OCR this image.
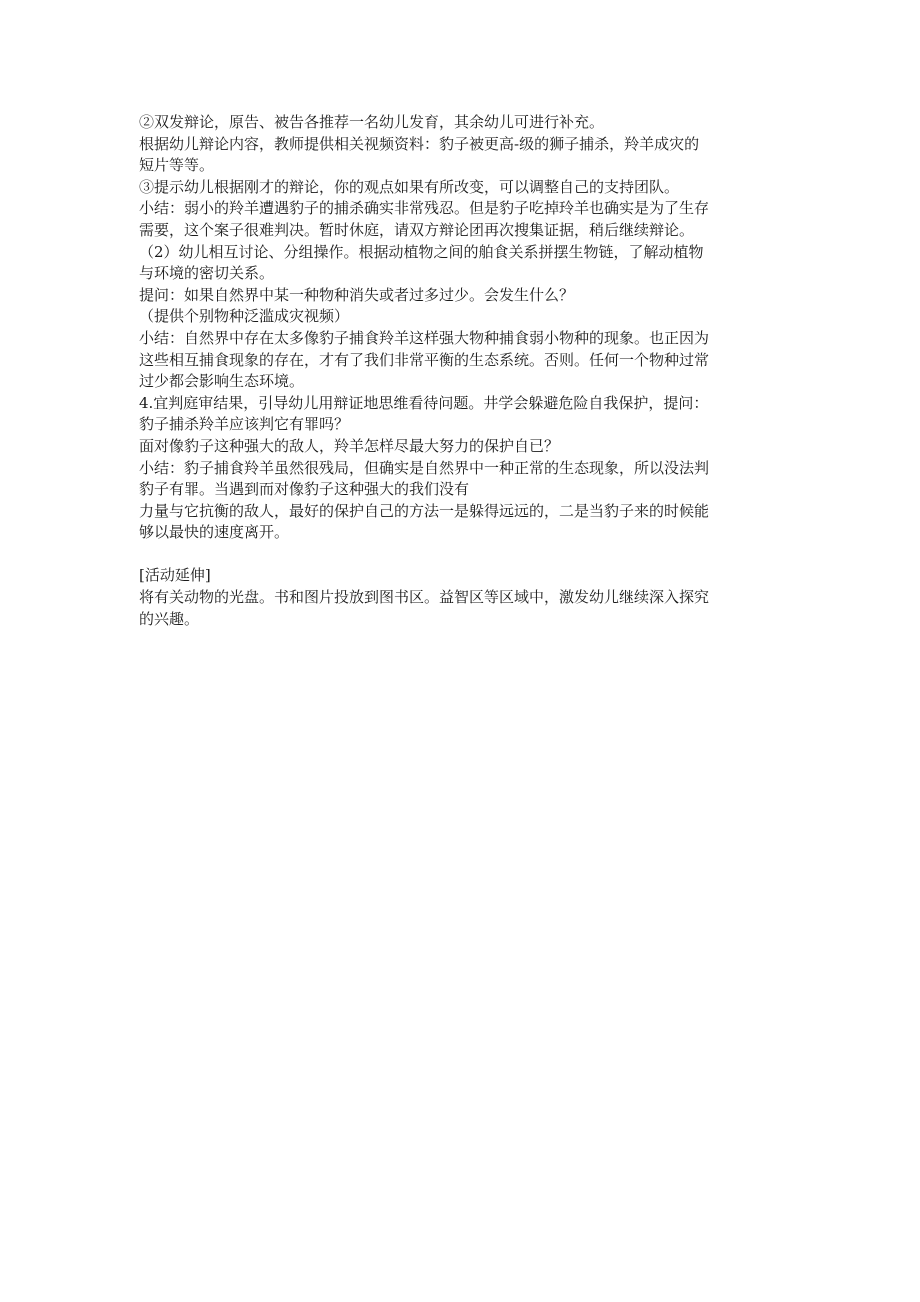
②双发辩论，原告、被告各推荐一名幼儿发育，其余幼儿可进行补充。
根据幼儿辩论内容，教师提供相关视频资料：豹子被更高-级的狮子捕杀，羚羊成灾的
短片等等。
③提示幼儿根据刚才的辩论，你的观点如果有所改变，可以调整自己的支持团队。
小结：弱小的羚羊遭遇豹子的捕杀确实非常残忍。但是豹子吃掉玲羊也确实是为了生存
需要，这个案子很难判决。暂时休庭，请双方辩论团再次搜集证据，稍后继续辩论。
（2）幼儿相互讨论、分组操作。根据动植物之间的舶食关系拼摆生物链，了解动植物
与环境的密切关系。
提问：如果自然界中某一种物种消失或者过多过少。会发生什么？
（提供个别物种泛滥成灾视频）
小结：自然界中存在太多像豹子捕食羚羊这样强大物种捕食弱小物种的现象。也正因为
这些相互捕食现象的存在，才有了我们非常平衡的生态系统。否则。任何一个物种过常
过少都会影响生态环境。
4.宜判庭审结果，引导幼儿用辩证地思维看待问题。井学会躲避危险自我保护，提问：
豹子捕杀羚羊应该判它有罪吗？
面对像豹子这种强大的敌人，羚羊怎样尽最大努力的保护自已？
小结：豹子捕食羚羊虽然很残局，但确实是自然界中一种正常的生态现象，所以没法判
豹子有罪。当遇到而对像豹子这种强大的我们没有
力量与它抗衡的敌人，最好的保护自己的方法一是躲得远远的，二是当豹子来的时候能
够以最快的速度离开。
[活动延伸]
将有关动物的光盘。书和图片投放到图书区。益智区等区域中，激发幼儿继续深入探究
的兴趣。
